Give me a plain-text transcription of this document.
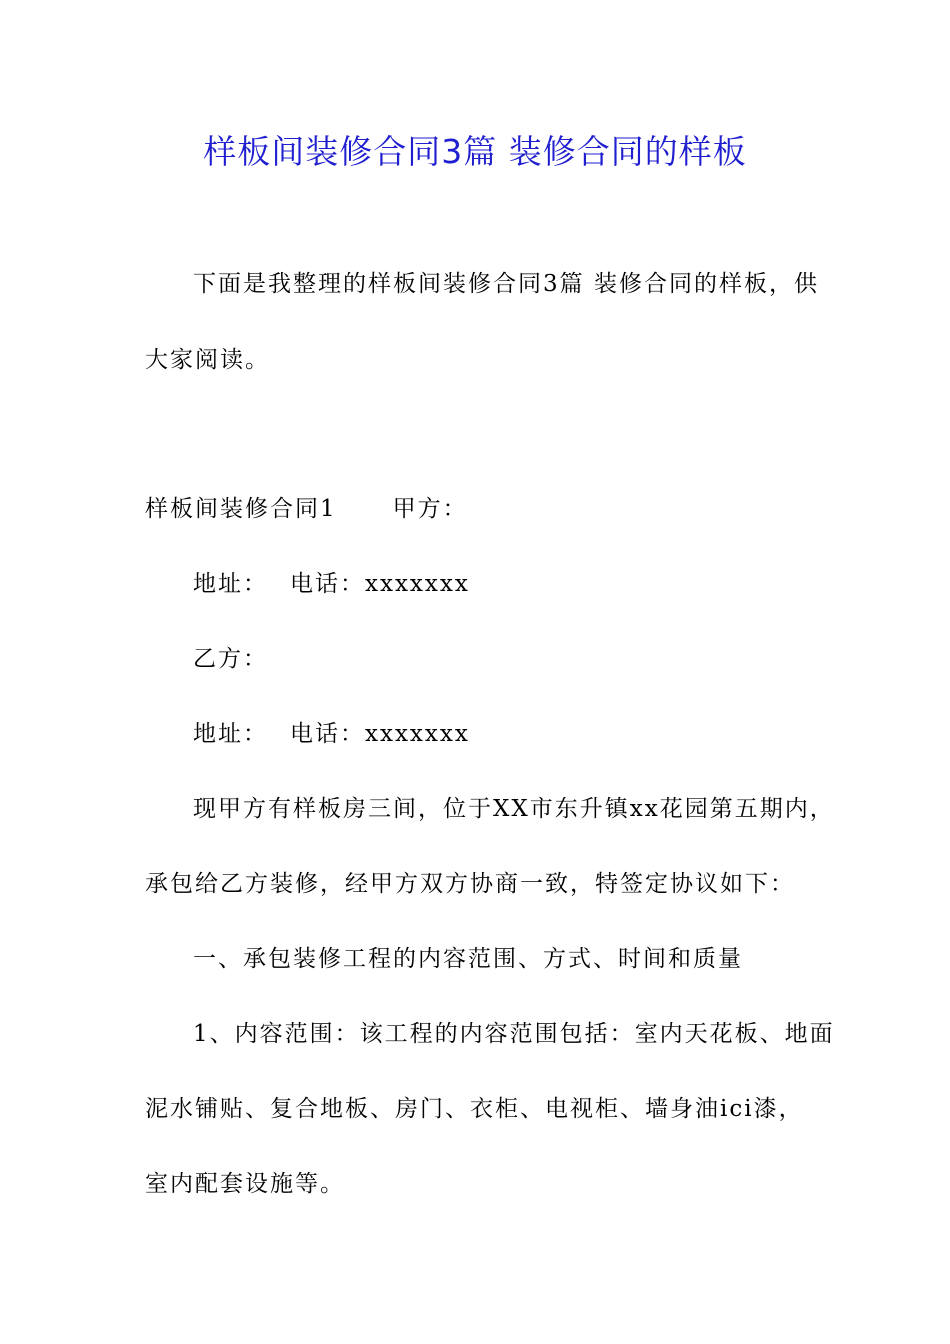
样板间装修合同3篇 装修合同的样板

下面是我整理的样板间装修合同3篇 装修合同的样板，供

大家阅读。

样板间装修合同1 甲方：

地址： 电话：xxxxxxx

乙方：

地址： 电话：xxxxxxx

现甲方有样板房三间，位于XX市东升镇xx花园第五期内，

承包给乙方装修，经甲方双方协商一致，特签定协议如下：

一、承包装修工程的内容范围、方式、时间和质量

1、内容范围：该工程的内容范围包括：室内天花板、地面

泥水铺贴、复合地板、房门、衣柜、电视柜、墙身油ici漆，

室内配套设施等。
